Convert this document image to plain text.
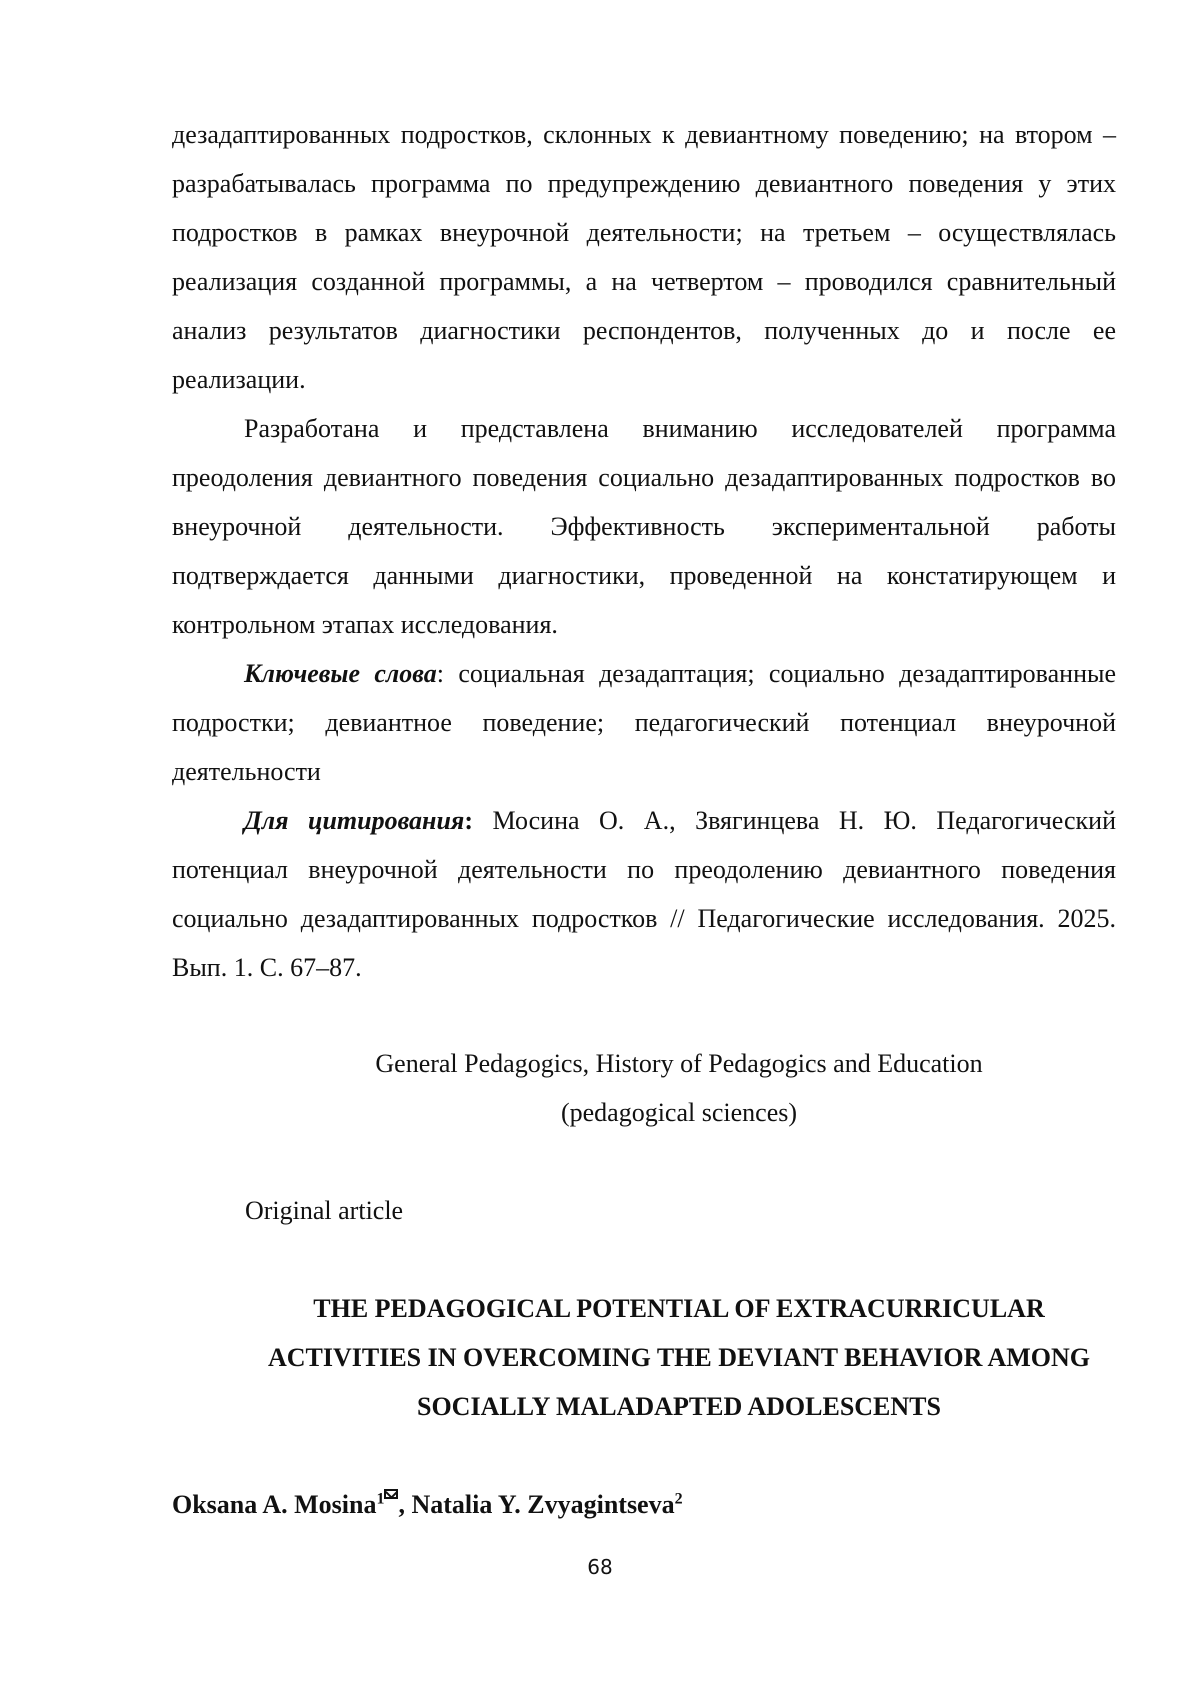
дезадаптированных подростков, склонных к девиантному поведению; на втором – разрабатывалась программа по предупреждению девиантного поведения у этих подростков в рамках внеурочной деятельности; на третьем – осуществлялась реализация созданной программы, а на четвертом – проводился сравнительный анализ результатов диагностики респондентов, полученных до и после ее реализации.

Разработана и представлена вниманию исследователей программа преодоления девиантного поведения социально дезадаптированных подростков во внеурочной деятельности. Эффективность экспериментальной работы подтверждается данными диагностики, проведенной на констатирующем и контрольном этапах исследования.

Ключевые слова: социальная дезадаптация; социально дезадаптированные подростки; девиантное поведение; педагогический потенциал внеурочной деятельности

Для цитирования: Мосина О. А., Звягинцева Н. Ю. Педагогический потенциал внеурочной деятельности по преодолению девиантного поведения социально дезадаптированных подростков // Педагогические исследования. 2025. Вып. 1. С. 67–87.

General Pedagogics, History of Pedagogics and Education
(pedagogical sciences)
Original article
THE PEDAGOGICAL POTENTIAL OF EXTRACURRICULAR
ACTIVITIES IN OVERCOMING THE DEVIANT BEHAVIOR AMONG
SOCIALLY MALADAPTED ADOLESCENTS
Oksana A. Mosina$^1$ , Natalia Y. Zvyagintseva$^2$
68
